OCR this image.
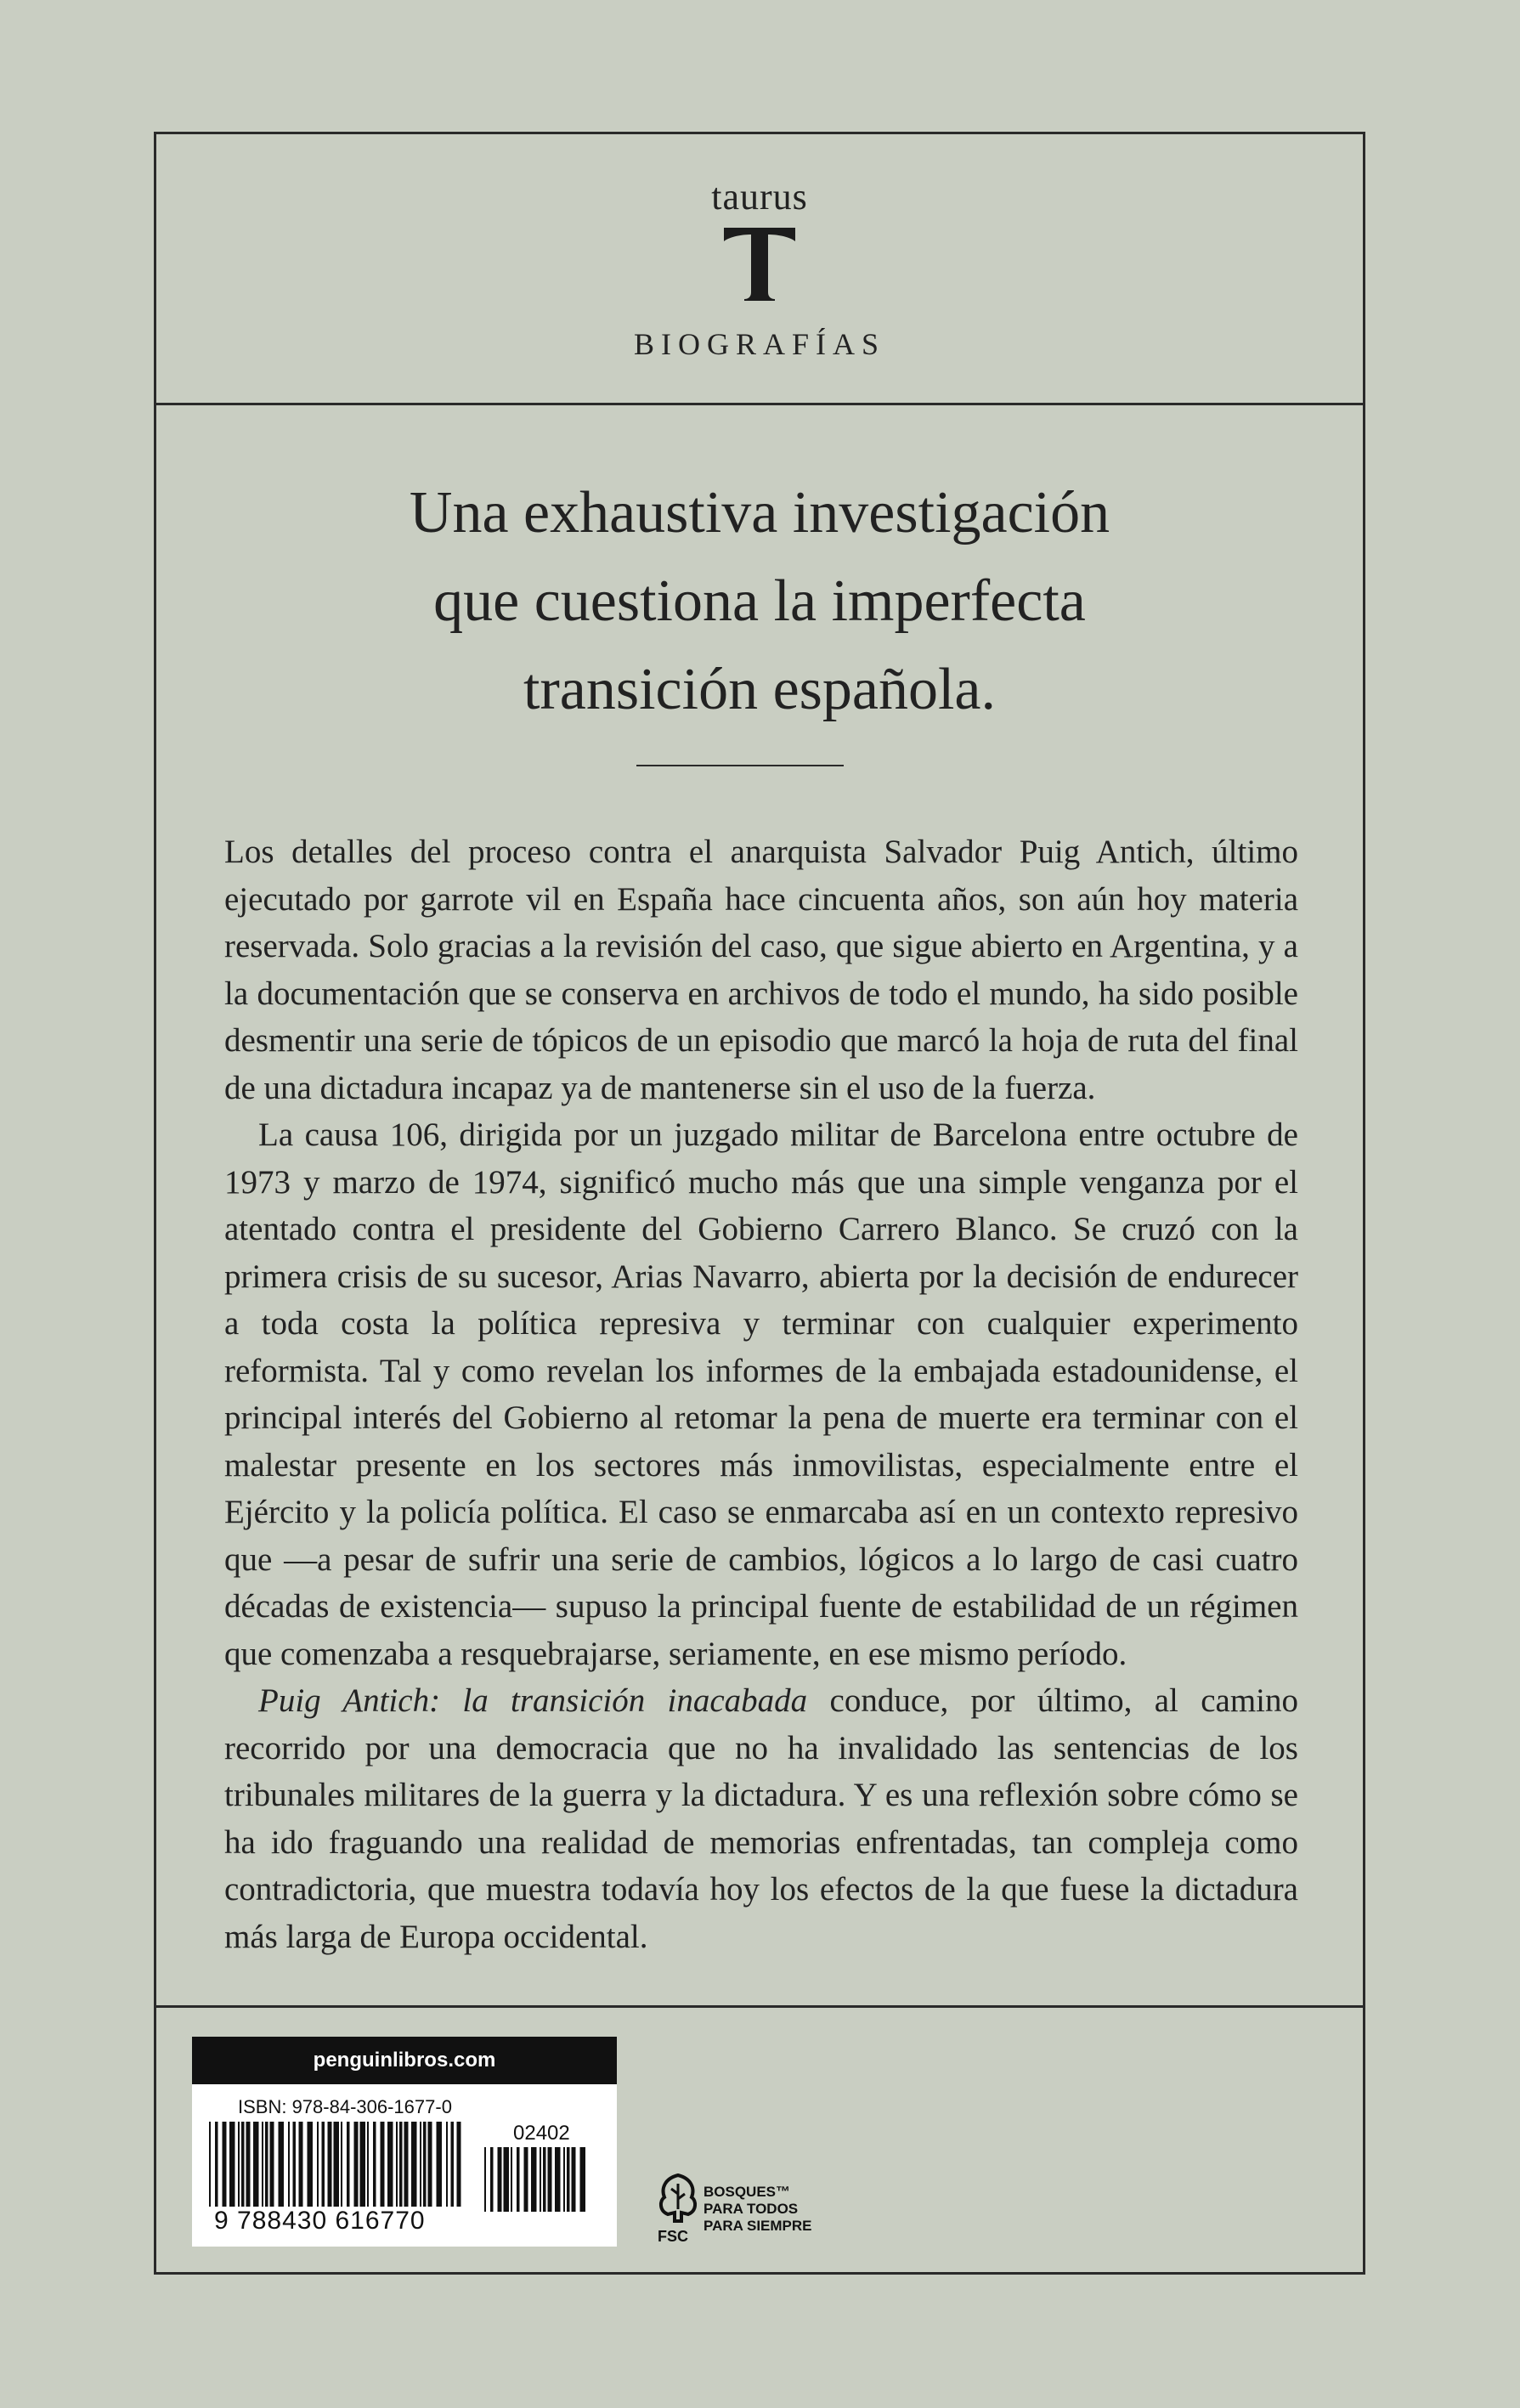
taurus
BIOGRAFÍAS
Una exhaustiva investigación
que cuestiona la imperfecta
transición española.

Los detalles del proceso contra el anarquista Salvador Puig Antich, último ejecutado por garrote vil en España hace cincuenta años, son aún hoy materia reservada. Solo gracias a la revisión del caso, que sigue abierto en Argentina, y a la documentación que se conserva en archivos de todo el mundo, ha sido posible desmentir una serie de tópicos de un episodio que marcó la hoja de ruta del final de una dictadura incapaz ya de mantenerse sin el uso de la fuerza.

La causa 106, dirigida por un juzgado militar de Barcelona entre octubre de 1973 y marzo de 1974, significó mucho más que una simple venganza por el atentado contra el presidente del Gobierno Carrero Blanco. Se cruzó con la primera crisis de su sucesor, Arias Navarro, abierta por la decisión de endurecer a toda costa la política represiva y terminar con cualquier experimento reformista. Tal y como revelan los informes de la embajada estadounidense, el principal interés del Gobierno al retomar la pena de muerte era terminar con el malestar presente en los sectores más inmovilistas, especialmente entre el Ejército y la policía política. El caso se enmarcaba así en un contexto represivo que —a pesar de sufrir una serie de cambios, lógicos a lo largo de casi cuatro décadas de existencia— supuso la principal fuente de estabilidad de un régimen que comenzaba a resquebrajarse, seriamente, en ese mismo período.

Puig Antich: la transición inacabada conduce, por último, al camino recorrido por una democracia que no ha invalidado las sentencias de los tribunales militares de la guerra y la dictadura. Y es una reflexión sobre cómo se ha ido fraguando una realidad de memorias enfrentadas, tan compleja como contradictoria, que muestra todavía hoy los efectos de la que fuese la dictadura más larga de Europa occidental.

penguinlibros.com
ISBN: 978-84-306-1677-0
02402
9 788430 616770
BOSQUES™
PARA TODOS
PARA SIEMPRE
FSC
